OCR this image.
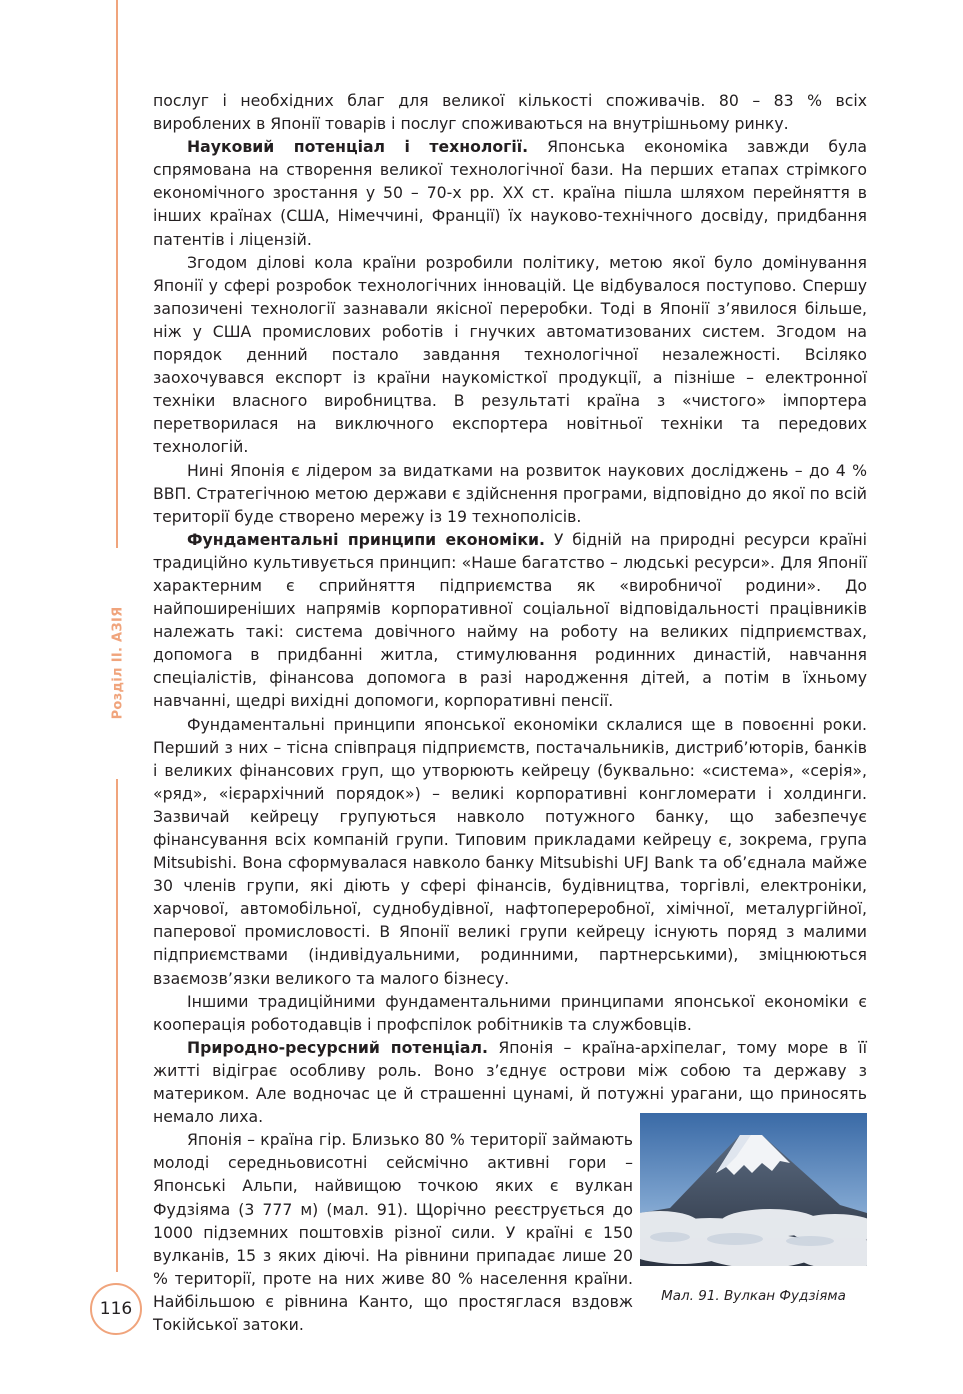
Розділ II. АЗІЯ

послуг і необхідних благ для великої кількості споживачів. 80 – 83 % всіх вироблених в Японії товарів і послуг споживаються на внутрішньому ринку.

Науковий потенціал і технології. Японська економіка завжди була спрямована на створення великої технологічної бази. На перших етапах стрімкого економічного зростання у 50 – 70-х рр. XX ст. країна пішла шляхом перейняття в інших країнах (США, Німеччині, Франції) їх науково-технічного досвіду, придбання патентів і ліцензій.

Згодом ділові кола країни розробили політику, метою якої було домінування Японії у сфері розробок технологічних інновацій. Це відбувалося поступово. Спершу запозичені технології зазнавали якісної переробки. Тоді в Японії з’явилося більше, ніж у США промислових роботів і гнучких автоматизованих систем. Згодом на порядок денний постало завдання технологічної незалежності. Всіляко заохочувався експорт із країни наукомісткої продукції, а пізніше – електронної техніки власного виробництва. В результаті країна з «чистого» імпортера перетворилася на виключного експортера новітньої техніки та передових технологій.

Нині Японія є лідером за видатками на розвиток наукових досліджень – до 4 % ВВП. Стратегічною метою держави є здійснення програми, відповідно до якої по всій території буде створено мережу із 19 технополісів.

Фундаментальні принципи економіки. У бідній на природні ресурси країні традиційно культивується принцип: «Наше багатство – людські ресурси». Для Японії характерним є сприйняття підприємства як «виробничої родини». До найпоширеніших напрямів корпоративної соціальної відповідальності працівників належать такі: система довічного найму на роботу на великих підприємствах, допомога в придбанні житла, стимулювання родинних династій, навчання спеціалістів, фінансова допомога в разі народження дітей, а потім в їхньому навчанні, щедрі вихідні допомоги, корпоративні пенсії.

Фундаментальні принципи японської економіки склалися ще в повоєнні роки. Перший з них – тісна співпраця підприємств, постачальників, дистриб’юторів, банків і великих фінансових груп, що утворюють кейрецу (буквально: «система», «серія», «ряд», «ієрархічний порядок») – великі корпоративні конгломерати і холдинги. Зазвичай кейрецу групуються навколо потужного банку, що забезпечує фінансування всіх компаній групи. Типовим прикладами кейрецу є, зокрема, група Mitsubishi. Вона сформувалася навколо банку Mitsubishi UFJ Bank та об’єднала майже 30 членів групи, які діють у сфері фінансів, будівництва, торгівлі, електроніки, харчової, автомобільної, суднобудівної, нафтопереробної, хімічної, металургійної, паперової промисловості. В Японії великі групи кейрецу існують поряд з малими підприємствами (індивідуальними, родинними, партнерськими), зміцнюються взаємозв’язки великого та малого бізнесу.

Іншими традиційними фундаментальними принципами японської економіки є кооперація роботодавців і профспілок робітників та службовців.

Природно-ресурсний потенціал. Японія – країна-архіпелаг, тому море в її житті відіграє особливу роль. Воно з’єднує острови між собою та державу з материком. Але водночас це й страшенні цунамі, й потужні урагани, що приносять немало лиха.

Японія – країна гір. Близько 80 % території займають молоді середньовисотні сейсмічно активні гори – Японські Альпи, найвищою точкою яких є вулкан Фудзіяма (3 777 м) (мал. 91). Щорічно реєструється до 1000 підземних поштовхів різної сили. У країні є 150 вулканів, 15 з яких діючі. На рівнини припадає лише 20 % території, проте на них живе 80 % населення країни. Найбільшою є рівнина Канто, що простяглася вздовж Токійської затоки.

Мал. 91. Вулкан Фудзіяма
116
